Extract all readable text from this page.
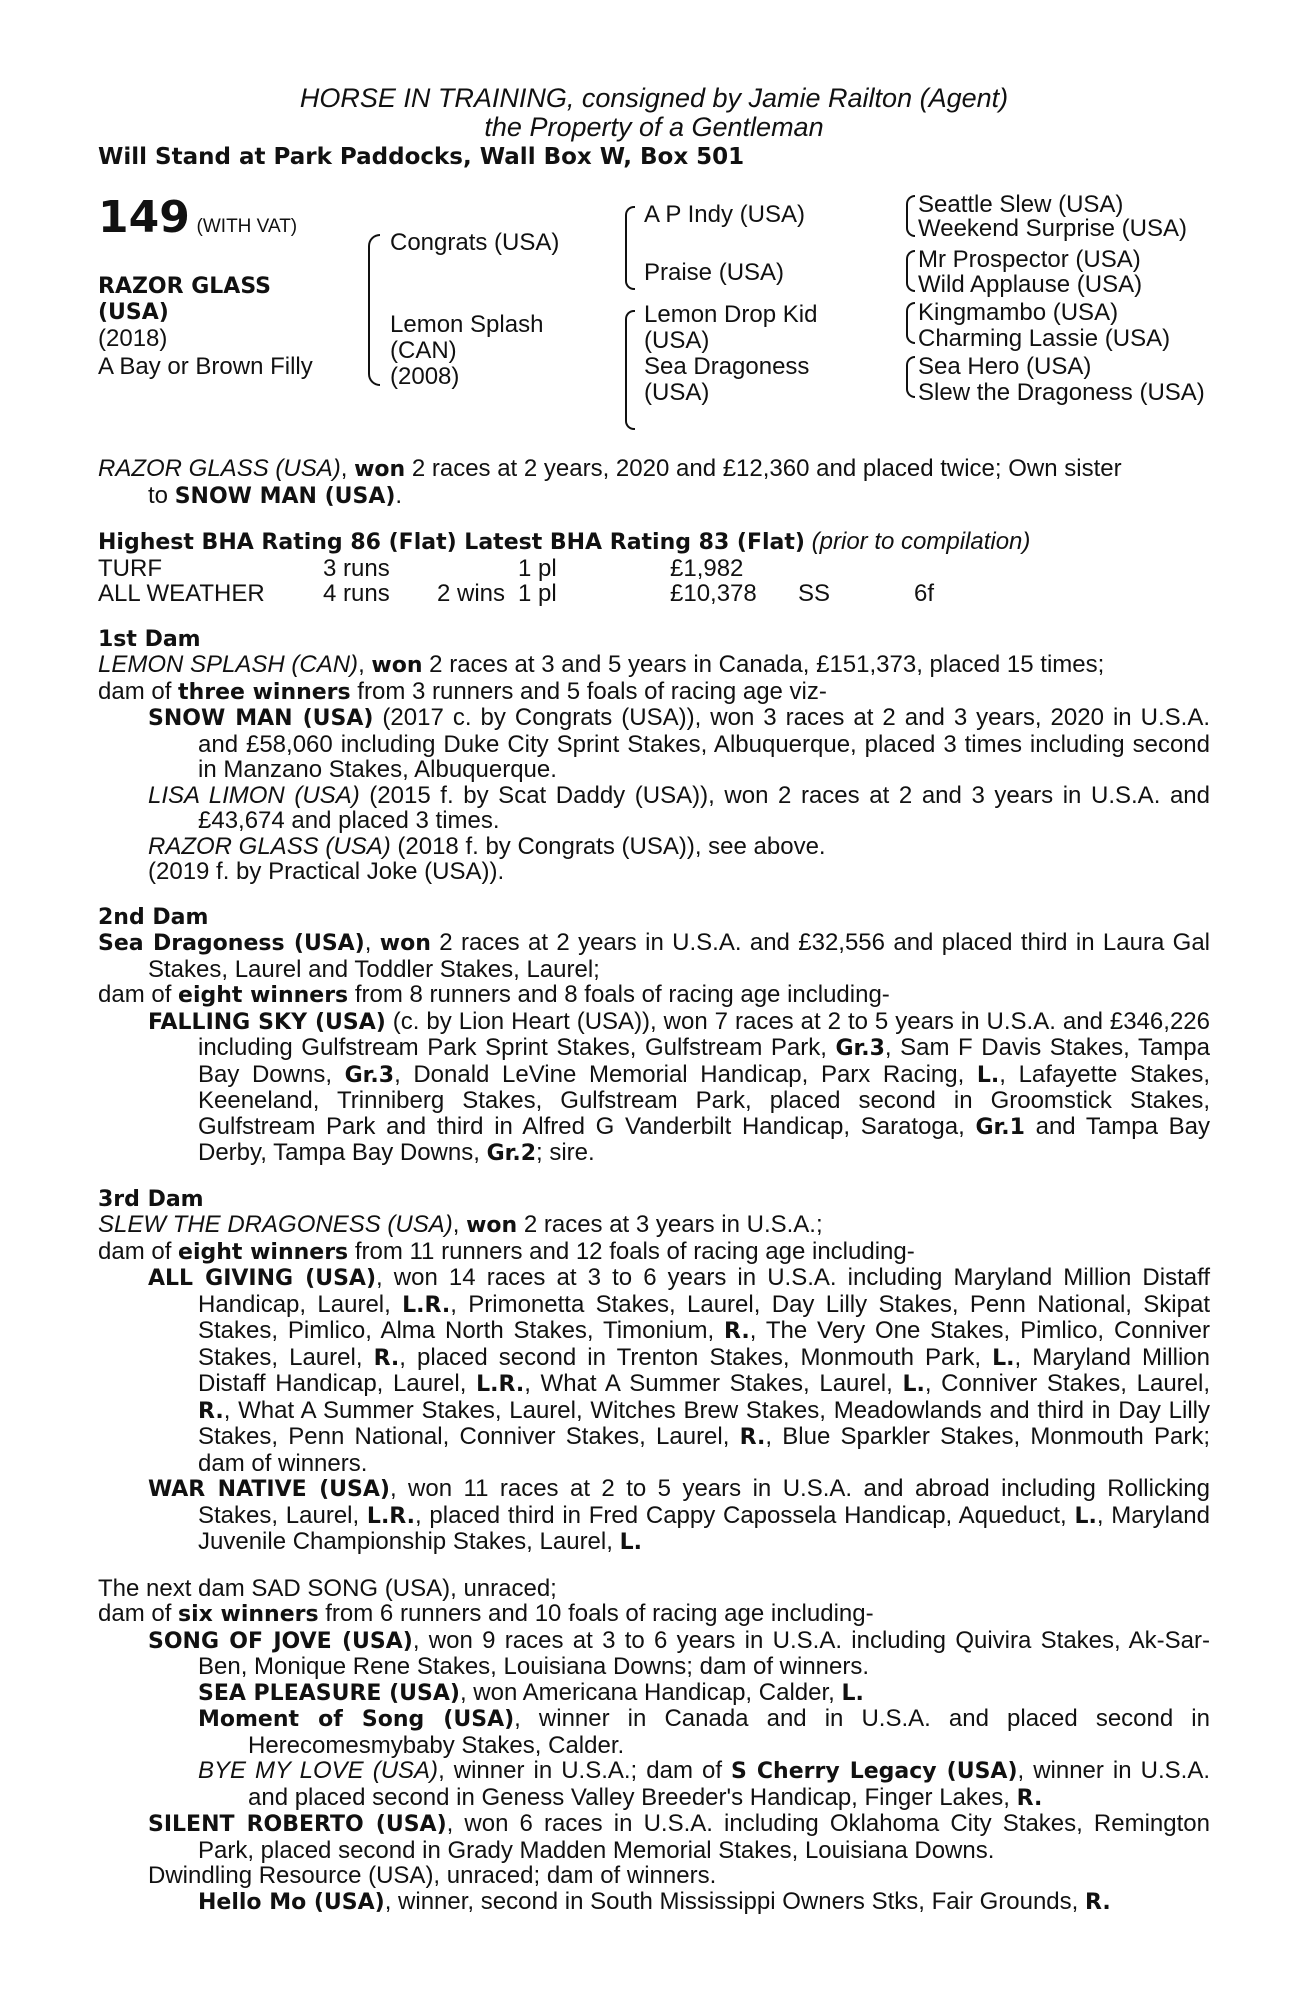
HORSE IN TRAINING, consigned by Jamie Railton (Agent)
the Property of a Gentleman
Will Stand at Park Paddocks, Wall Box W, Box 501
149 (WITH VAT)
RAZOR GLASS
(USA)
(2018)
A Bay or Brown Filly
Congrats (USA)
Lemon Splash
(CAN)
(2008)
A P Indy (USA)
Praise (USA)
Lemon Drop Kid
(USA)
Sea Dragoness
(USA)
Seattle Slew (USA)
Weekend Surprise (USA)
Mr Prospector (USA)
Wild Applause (USA)
Kingmambo (USA)
Charming Lassie (USA)
Sea Hero (USA)
Slew the Dragoness (USA)
RAZOR GLASS (USA), won 2 races at 2 years, 2020 and £12,360 and placed twice; Own sister
to SNOW MAN (USA).
Highest BHA Rating 86 (Flat) Latest BHA Rating 83 (Flat) (prior to compilation)
TURF	3 runs	1 pl	£1,982
ALL WEATHER 4 runs 2 wins 1 pl	£10,378 SS	6f
1st Dam
LEMON SPLASH (CAN), won 2 races at 3 and 5 years in Canada, £151,373, placed 15 times;
dam of three winners from 3 runners and 5 foals of racing age viz-
SNOW MAN (USA) (2017 c. by Congrats (USA)), won 3 races at 2 and 3 years, 2020 in U.S.A. and £58,060 including Duke City Sprint Stakes, Albuquerque, placed 3 times including second in Manzano Stakes, Albuquerque.
LISA LIMON (USA) (2015 f. by Scat Daddy (USA)), won 2 races at 2 and 3 years in U.S.A. and £43,674 and placed 3 times.
RAZOR GLASS (USA) (2018 f. by Congrats (USA)), see above.
(2019 f. by Practical Joke (USA)).
2nd Dam
Sea Dragoness (USA), won 2 races at 2 years in U.S.A. and £32,556 and placed third in Laura Gal Stakes, Laurel and Toddler Stakes, Laurel;
dam of eight winners from 8 runners and 8 foals of racing age including-
FALLING SKY (USA) (c. by Lion Heart (USA)), won 7 races at 2 to 5 years in U.S.A. and £346,226 including Gulfstream Park Sprint Stakes, Gulfstream Park, Gr.3, Sam F Davis Stakes, Tampa Bay Downs, Gr.3, Donald LeVine Memorial Handicap, Parx Racing, L., Lafayette Stakes, Keeneland, Trinniberg Stakes, Gulfstream Park, placed second in Groomstick Stakes, Gulfstream Park and third in Alfred G Vanderbilt Handicap, Saratoga, Gr.1 and Tampa Bay Derby, Tampa Bay Downs, Gr.2; sire.
3rd Dam
SLEW THE DRAGONESS (USA), won 2 races at 3 years in U.S.A.;
dam of eight winners from 11 runners and 12 foals of racing age including-
ALL GIVING (USA), won 14 races at 3 to 6 years in U.S.A. including Maryland Million Distaff Handicap, Laurel, L.R., Primonetta Stakes, Laurel, Day Lilly Stakes, Penn National, Skipat Stakes, Pimlico, Alma North Stakes, Timonium, R., The Very One Stakes, Pimlico, Conniver Stakes, Laurel, R., placed second in Trenton Stakes, Monmouth Park, L., Maryland Million Distaff Handicap, Laurel, L.R., What A Summer Stakes, Laurel, L., Conniver Stakes, Laurel, R., What A Summer Stakes, Laurel, Witches Brew Stakes, Meadowlands and third in Day Lilly Stakes, Penn National, Conniver Stakes, Laurel, R., Blue Sparkler Stakes, Monmouth Park; dam of winners.
WAR NATIVE (USA), won 11 races at 2 to 5 years in U.S.A. and abroad including Rollicking Stakes, Laurel, L.R., placed third in Fred Cappy Capossela Handicap, Aqueduct, L., Maryland Juvenile Championship Stakes, Laurel, L.
The next dam SAD SONG (USA), unraced;
dam of six winners from 6 runners and 10 foals of racing age including-
SONG OF JOVE (USA), won 9 races at 3 to 6 years in U.S.A. including Quivira Stakes, Ak-Sar-Ben, Monique Rene Stakes, Louisiana Downs; dam of winners.
SEA PLEASURE (USA), won Americana Handicap, Calder, L.
Moment of Song (USA), winner in Canada and in U.S.A. and placed second in Herecomesmybaby Stakes, Calder.
BYE MY LOVE (USA), winner in U.S.A.; dam of S Cherry Legacy (USA), winner in U.S.A. and placed second in Geness Valley Breeder's Handicap, Finger Lakes, R.
SILENT ROBERTO (USA), won 6 races in U.S.A. including Oklahoma City Stakes, Remington Park, placed second in Grady Madden Memorial Stakes, Louisiana Downs.
Dwindling Resource (USA), unraced; dam of winners.
Hello Mo (USA), winner, second in South Mississippi Owners Stks, Fair Grounds, R.
